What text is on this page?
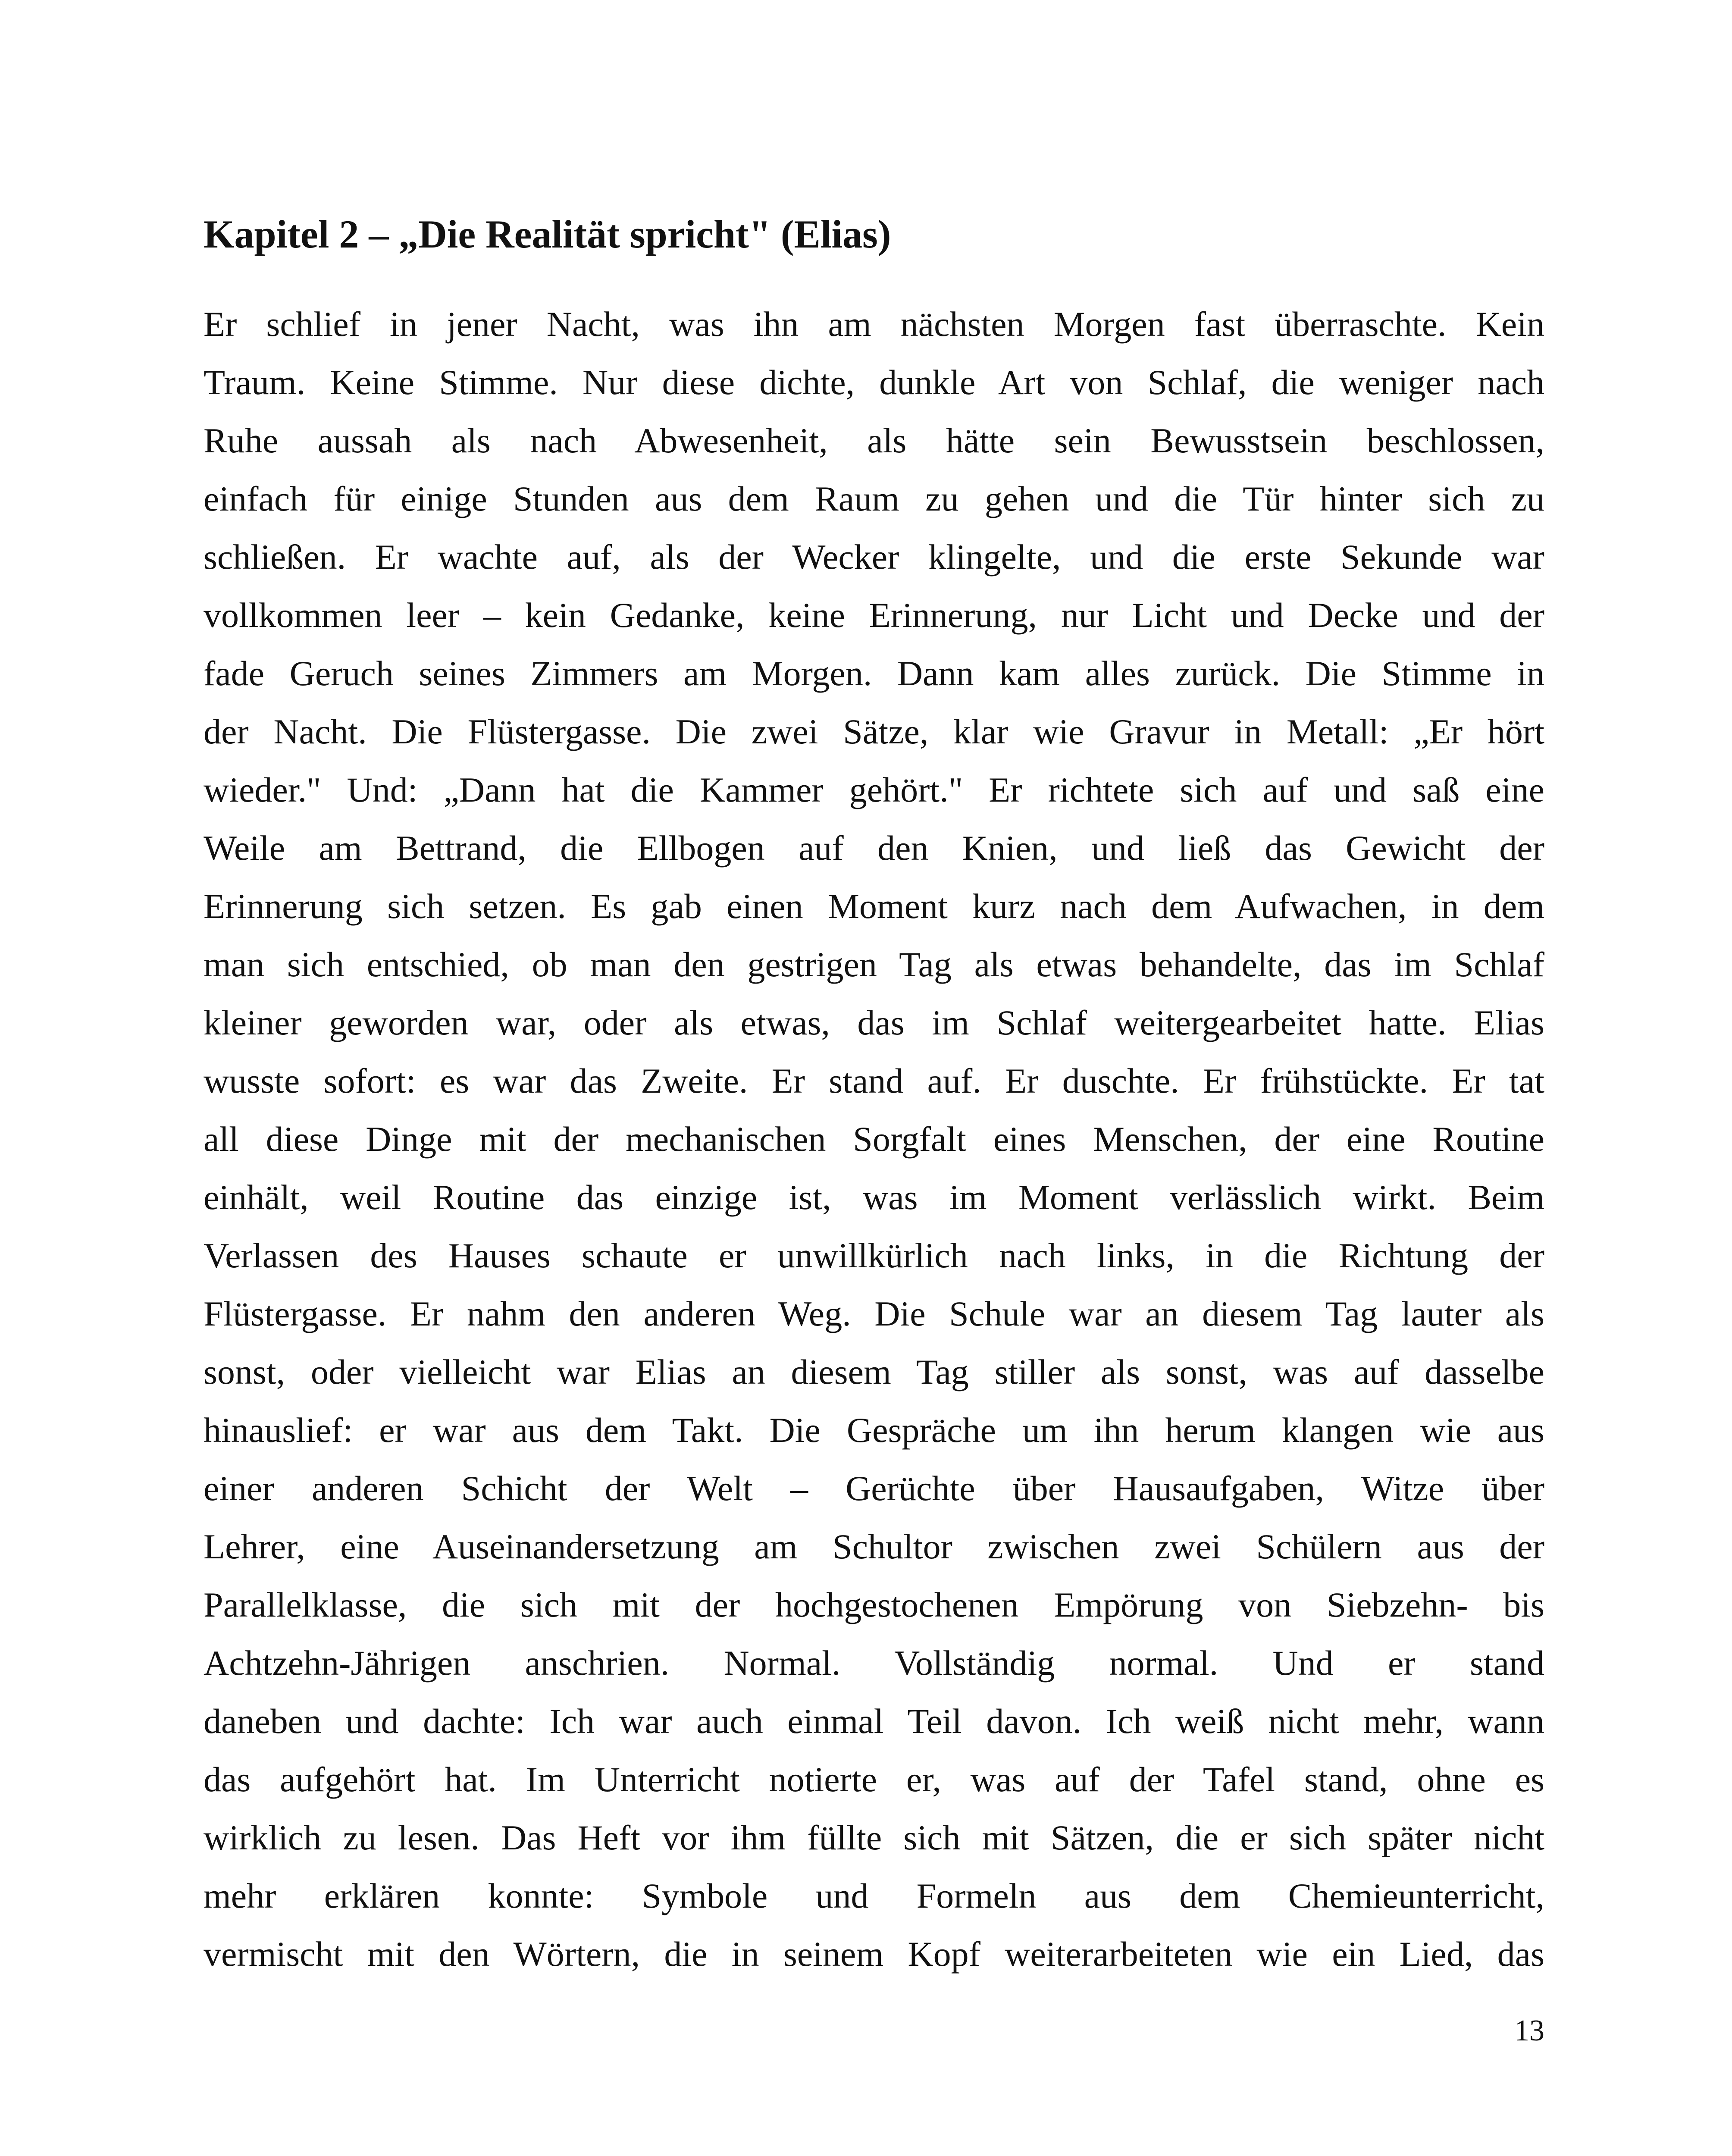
Kapitel 2 – „Die Realität spricht" (Elias)
Er schlief in jener Nacht, was ihn am nächsten Morgen fast überraschte. Kein
Traum. Keine Stimme. Nur diese dichte, dunkle Art von Schlaf, die weniger nach
Ruhe aussah als nach Abwesenheit, als hätte sein Bewusstsein beschlossen,
einfach für einige Stunden aus dem Raum zu gehen und die Tür hinter sich zu
schließen. Er wachte auf, als der Wecker klingelte, und die erste Sekunde war
vollkommen leer – kein Gedanke, keine Erinnerung, nur Licht und Decke und der
fade Geruch seines Zimmers am Morgen. Dann kam alles zurück. Die Stimme in
der Nacht. Die Flüstergasse. Die zwei Sätze, klar wie Gravur in Metall: „Er hört
wieder." Und: „Dann hat die Kammer gehört." Er richtete sich auf und saß eine
Weile am Bettrand, die Ellbogen auf den Knien, und ließ das Gewicht der
Erinnerung sich setzen. Es gab einen Moment kurz nach dem Aufwachen, in dem
man sich entschied, ob man den gestrigen Tag als etwas behandelte, das im Schlaf
kleiner geworden war, oder als etwas, das im Schlaf weitergearbeitet hatte. Elias
wusste sofort: es war das Zweite. Er stand auf. Er duschte. Er frühstückte. Er tat
all diese Dinge mit der mechanischen Sorgfalt eines Menschen, der eine Routine
einhält, weil Routine das einzige ist, was im Moment verlässlich wirkt. Beim
Verlassen des Hauses schaute er unwillkürlich nach links, in die Richtung der
Flüstergasse. Er nahm den anderen Weg. Die Schule war an diesem Tag lauter als
sonst, oder vielleicht war Elias an diesem Tag stiller als sonst, was auf dasselbe
hinauslief: er war aus dem Takt. Die Gespräche um ihn herum klangen wie aus
einer anderen Schicht der Welt – Gerüchte über Hausaufgaben, Witze über
Lehrer, eine Auseinandersetzung am Schultor zwischen zwei Schülern aus der
Parallelklasse, die sich mit der hochgestochenen Empörung von Siebzehn- bis
Achtzehn-Jährigen anschrien. Normal. Vollständig normal. Und er stand
daneben und dachte: Ich war auch einmal Teil davon. Ich weiß nicht mehr, wann
das aufgehört hat. Im Unterricht notierte er, was auf der Tafel stand, ohne es
wirklich zu lesen. Das Heft vor ihm füllte sich mit Sätzen, die er sich später nicht
mehr erklären konnte: Symbole und Formeln aus dem Chemieunterricht,
vermischt mit den Wörtern, die in seinem Kopf weiterarbeiteten wie ein Lied, das
13
